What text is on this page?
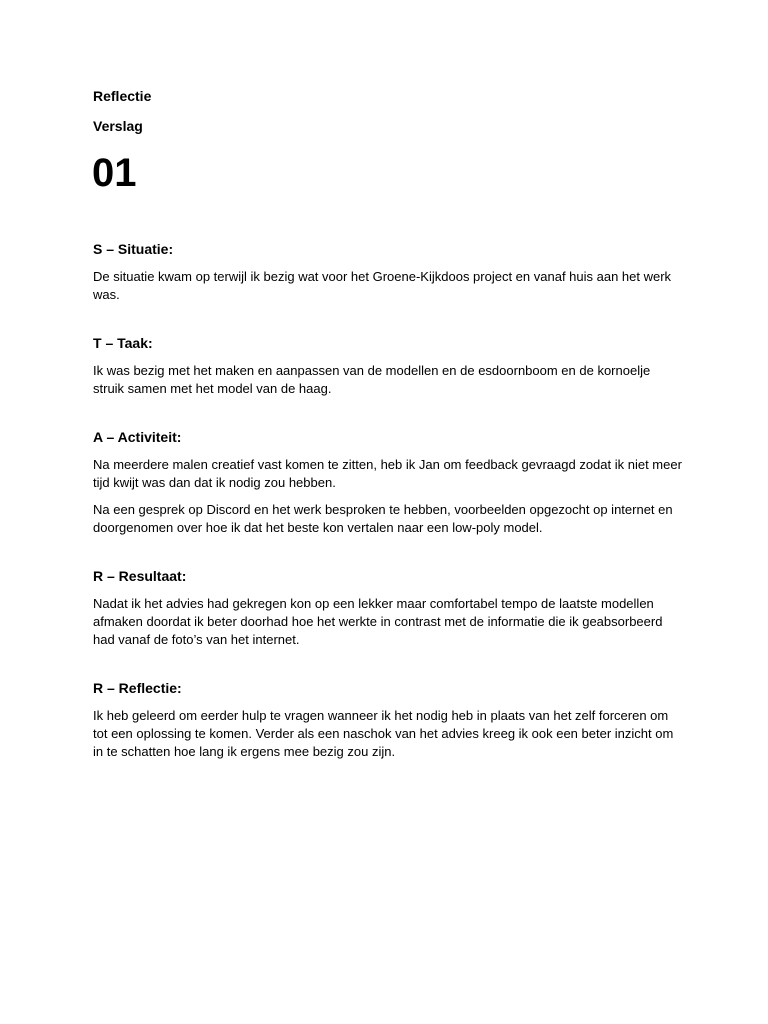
Reflectie

Verslag

01

S – Situatie:

De situatie kwam op terwijl ik bezig wat voor het Groene-Kijkdoos project en vanaf huis aan het werk was.

T – Taak:

Ik was bezig met het maken en aanpassen van de modellen en de esdoornboom en de kornoelje struik samen met het model van de haag.

A – Activiteit:

Na meerdere malen creatief vast komen te zitten, heb ik Jan om feedback gevraagd zodat ik niet meer tijd kwijt was dan dat ik nodig zou hebben.

Na een gesprek op Discord en het werk besproken te hebben, voorbeelden opgezocht op internet en doorgenomen over hoe ik dat het beste kon vertalen naar een low-poly model.

R – Resultaat:

Nadat ik het advies had gekregen kon op een lekker maar comfortabel tempo de laatste modellen afmaken doordat ik beter doorhad hoe het werkte in contrast met de informatie die ik geabsorbeerd had vanaf de foto’s van het internet.

R – Reflectie:

Ik heb geleerd om eerder hulp te vragen wanneer ik het nodig heb in plaats van het zelf forceren om tot een oplossing te komen. Verder als een naschok van het advies kreeg ik ook een beter inzicht om in te schatten hoe lang ik ergens mee bezig zou zijn.
